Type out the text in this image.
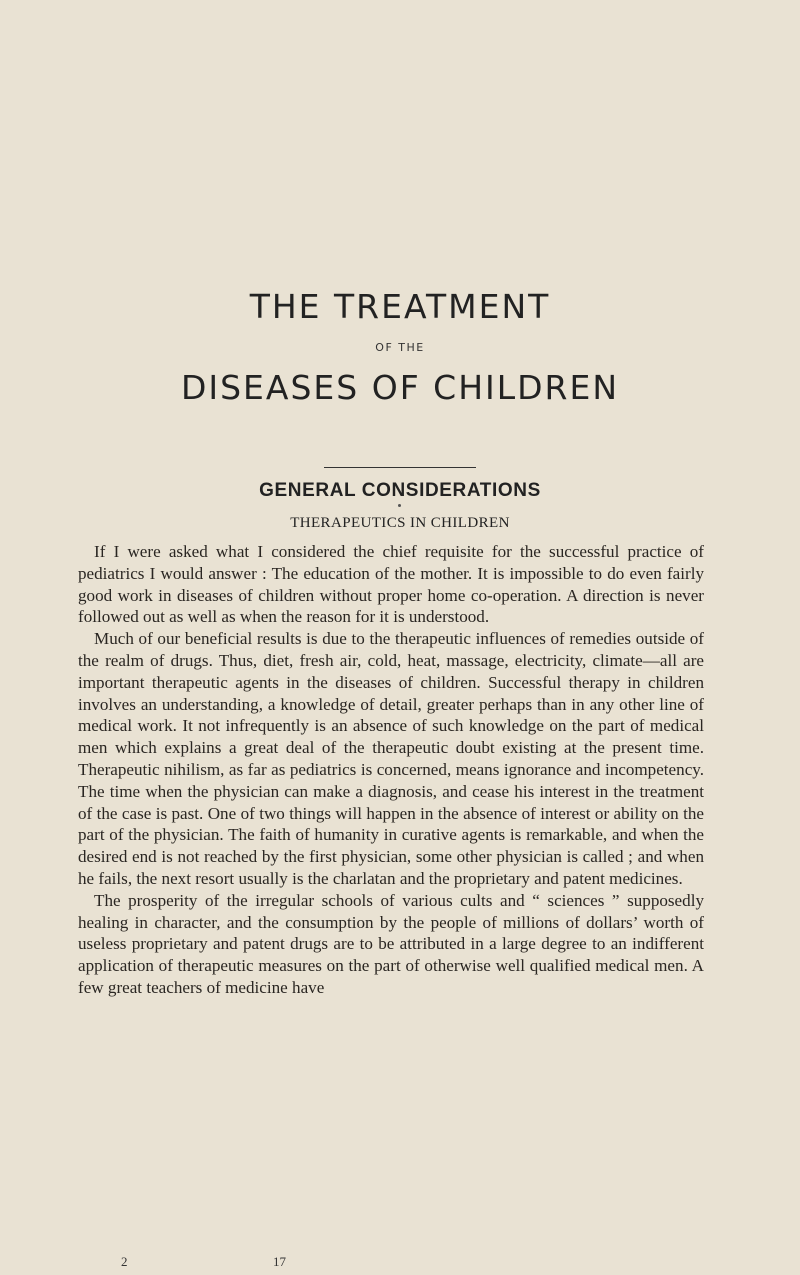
THE TREATMENT
OF THE
DISEASES OF CHILDREN
GENERAL CONSIDERATIONS
THERAPEUTICS IN CHILDREN

If I were asked what I considered the chief requisite for the successful practice of pediatrics I would answer : The education of the mother. It is impossible to do even fairly good work in diseases of children without proper home co-operation. A direction is never followed out as well as when the reason for it is understood.

Much of our beneficial results is due to the therapeutic influences of remedies outside of the realm of drugs. Thus, diet, fresh air, cold, heat, massage, electricity, climate—all are important therapeutic agents in the diseases of children. Successful therapy in children involves an understanding, a knowledge of detail, greater perhaps than in any other line of medical work. It not infrequently is an absence of such knowledge on the part of medical men which explains a great deal of the therapeutic doubt existing at the present time. Therapeutic nihilism, as far as pediatrics is concerned, means ignorance and incompetency. The time when the physician can make a diagnosis, and cease his interest in the treatment of the case is past. One of two things will happen in the absence of interest or ability on the part of the physician. The faith of humanity in curative agents is remarkable, and when the desired end is not reached by the first physician, some other physician is called ; and when he fails, the next resort usually is the charlatan and the proprietary and patent medicines.

The prosperity of the irregular schools of various cults and “ sciences ” supposedly healing in character, and the consumption by the people of millions of dollars’ worth of useless proprietary and patent drugs are to be attributed in a large degree to an indifferent application of therapeutic measures on the part of otherwise well qualified medical men. A few great teachers of medicine have

2	17
